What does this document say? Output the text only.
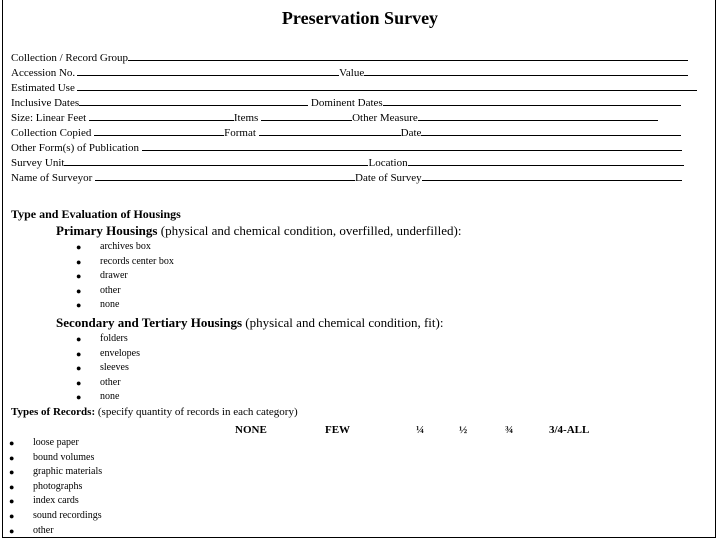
Preservation Survey
Collection / Record Group
Accession No.	Value
Estimated Use
Inclusive Dates	Dominent Dates
Size: Linear Feet	Items	Other Measure
Collection Copied	Format	Date
Other Form(s) of Publication
Survey Unit	Location
Name of Surveyor	Date of Survey
Type and Evaluation of Housings
Primary Housings (physical and chemical condition, overfilled, underfilled):
● archives box
● records center box
● drawer
● other
● none
Secondary and Tertiary Housings (physical and chemical condition, fit):
● folders
● envelopes
● sleeves
● other
● none
Types of Records: (specify quantity of records in each category)
NONE	FEW	¼	½	¾	3/4-ALL
● loose paper
● bound volumes
● graphic materials
● photographs
● index cards
● sound recordings
● other
